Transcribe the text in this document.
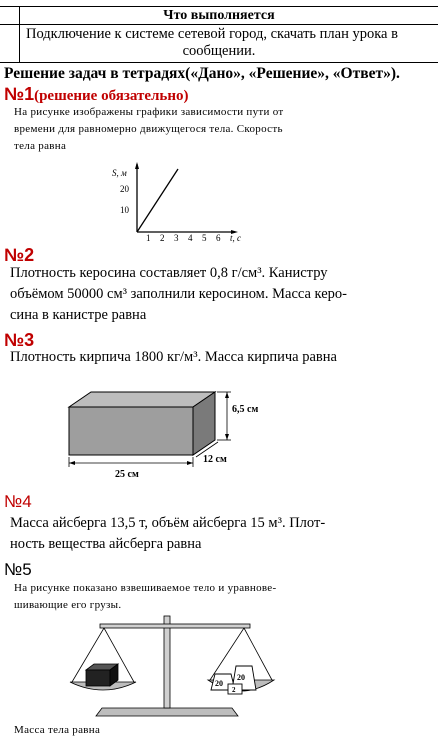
Что выполняется
Подключение к системе сетевой город, скачать план урока в
сообщении.
Решение задач в тетрадях(«Дано», «Решение», «Ответ»).
№1(решение обязательно)
На рисунке изображены графики зависимости пути от
времени для равномерно движущегося тела. Скорость
тела равна
S, м
20
10
1 2 3 4 5 6 t, с
№2
Плотность керосина составляет 0,8 г/см³. Канистру
объёмом 50000 см³ заполнили керосином. Масса керо-
сина в канистре равна
№3
Плотность кирпича 1800 кг/м³. Масса кирпича равна
6,5 см
25 см
12 см
№4
Масса айсберга 13,5 т, объём айсберга 15 м³. Плот-
ность вещества айсберга равна
№5
На рисунке показано взвешиваемое тело и уравнове-
шивающие его грузы.
20
20
2
Масса тела равна
